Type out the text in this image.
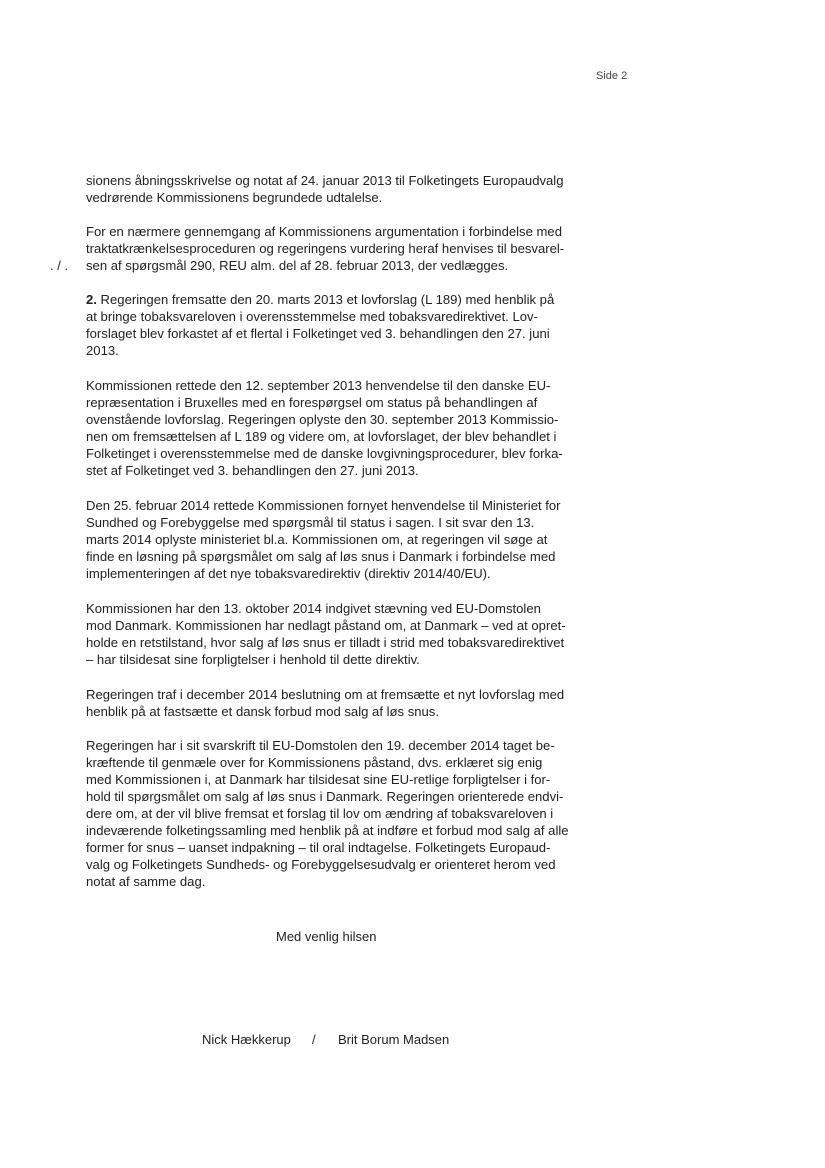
Side 2
. / .
sionens åbningsskrivelse og notat af 24. januar 2013 til Folketingets Europaudvalg
vedrørende Kommissionens begrundede udtalelse.
For en nærmere gennemgang af Kommissionens argumentation i forbindelse med
traktatkrænkelsesproceduren og regeringens vurdering heraf henvises til besvarel-
sen af spørgsmål 290, REU alm. del af 28. februar 2013, der vedlægges.
2. Regeringen fremsatte den 20. marts 2013 et lovforslag (L 189) med henblik på
at bringe tobaksvareloven i overensstemmelse med tobaksvaredirektivet. Lov-
forslaget blev forkastet af et flertal i Folketinget ved 3. behandlingen den 27. juni
2013.
Kommissionen rettede den 12. september 2013 henvendelse til den danske EU-
repræsentation i Bruxelles med en forespørgsel om status på behandlingen af
ovenstående lovforslag. Regeringen oplyste den 30. september 2013 Kommissio-
nen om fremsættelsen af L 189 og videre om, at lovforslaget, der blev behandlet i
Folketinget i overensstemmelse med de danske lovgivningsprocedurer, blev forka-
stet af Folketinget ved 3. behandlingen den 27. juni 2013.
Den 25. februar 2014 rettede Kommissionen fornyet henvendelse til Ministeriet for
Sundhed og Forebyggelse med spørgsmål til status i sagen. I sit svar den 13.
marts 2014 oplyste ministeriet bl.a. Kommissionen om, at regeringen vil søge at
finde en løsning på spørgsmålet om salg af løs snus i Danmark i forbindelse med
implementeringen af det nye tobaksvaredirektiv (direktiv 2014/40/EU).
Kommissionen har den 13. oktober 2014 indgivet stævning ved EU-Domstolen
mod Danmark. Kommissionen har nedlagt påstand om, at Danmark – ved at opret-
holde en retstilstand, hvor salg af løs snus er tilladt i strid med tobaksvaredirektivet
– har tilsidesat sine forpligtelser i henhold til dette direktiv.
Regeringen traf i december 2014 beslutning om at fremsætte et nyt lovforslag med
henblik på at fastsætte et dansk forbud mod salg af løs snus.
Regeringen har i sit svarskrift til EU-Domstolen den 19. december 2014 taget be-
kræftende til genmæle over for Kommissionens påstand, dvs. erklæret sig enig
med Kommissionen i, at Danmark har tilsidesat sine EU-retlige forpligtelser i for-
hold til spørgsmålet om salg af løs snus i Danmark. Regeringen orienterede endvi-
dere om, at der vil blive fremsat et forslag til lov om ændring af tobaksvareloven i
indeværende folketingssamling med henblik på at indføre et forbud mod salg af alle
former for snus – uanset indpakning – til oral indtagelse. Folketingets Europaud-
valg og Folketingets Sundheds- og Forebyggelsesudvalg er orienteret herom ved
notat af samme dag.
Med venlig hilsen
Nick Hækkerup / Brit Borum Madsen
